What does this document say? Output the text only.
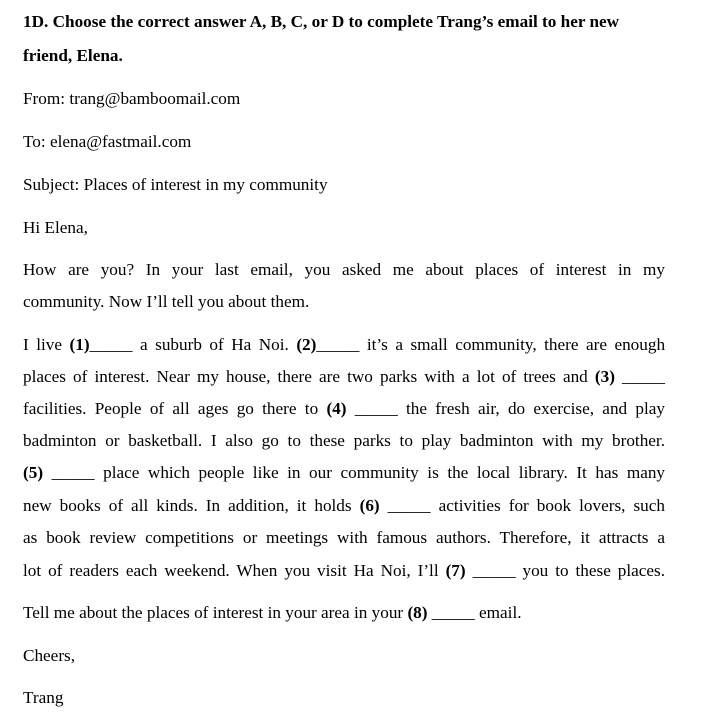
1D. Choose the correct answer A, B, C, or D to complete Trang’s email to her new
friend, Elena.
From: trang@bamboomail.com
To: elena@fastmail.com
Subject: Places of interest in my community
Hi Elena,
How are you? In your last email, you asked me about places of interest in my
community. Now I’ll tell you about them.
I live (1)_____ a suburb of Ha Noi. (2)_____ it’s a small community, there are enough
places of interest. Near my house, there are two parks with a lot of trees and (3) _____
facilities. People of all ages go there to (4) _____ the fresh air, do exercise, and play
badminton or basketball. I also go to these parks to play badminton with my brother.
(5) _____ place which people like in our community is the local library. It has many
new books of all kinds. In addition, it holds (6) _____ activities for book lovers, such
as book review competitions or meetings with famous authors. Therefore, it attracts a
lot of readers each weekend. When you visit Ha Noi, I’ll (7) _____ you to these places.
Tell me about the places of interest in your area in your (8) _____ email.
Cheers,
Trang
